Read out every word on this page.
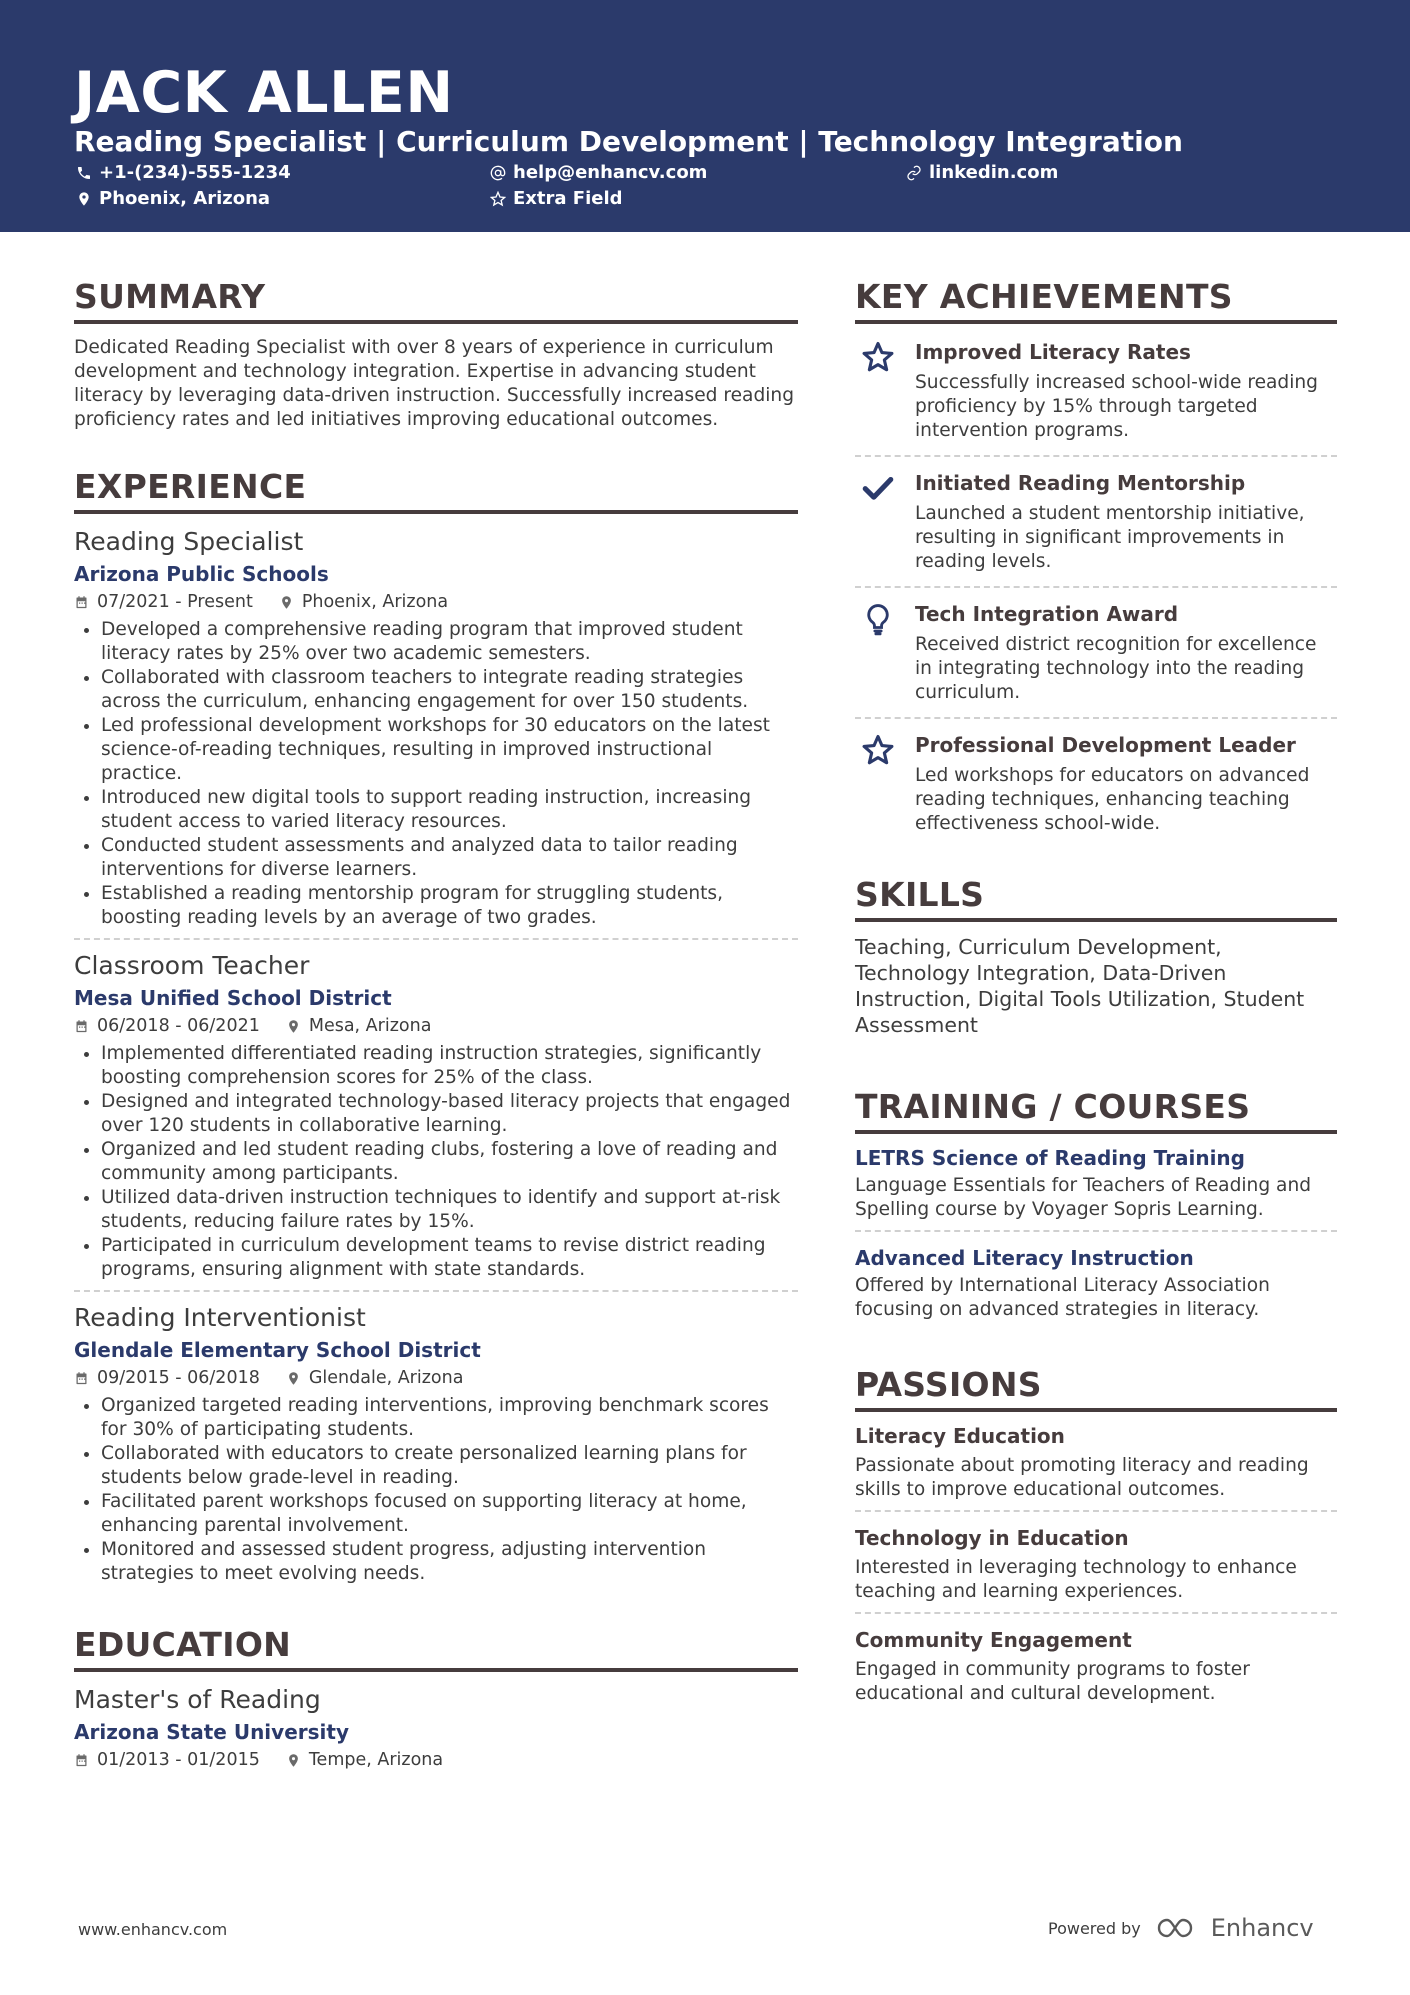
JACK ALLEN
Reading Specialist | Curriculum Development | Technology Integration
+1-(234)-555-1234	help@enhancv.com	linkedin.com
Phoenix, Arizona	Extra Field
SUMMARY
Dedicated Reading Specialist with over 8 years of experience in curriculum development and technology integration. Expertise in advancing student literacy by leveraging data-driven instruction. Successfully increased reading proficiency rates and led initiatives improving educational outcomes.
EXPERIENCE
Reading Specialist
Arizona Public Schools
07/2021 - Present	Phoenix, Arizona
• Developed a comprehensive reading program that improved student literacy rates by 25% over two academic semesters.
• Collaborated with classroom teachers to integrate reading strategies across the curriculum, enhancing engagement for over 150 students.
• Led professional development workshops for 30 educators on the latest science-of-reading techniques, resulting in improved instructional practice.
• Introduced new digital tools to support reading instruction, increasing student access to varied literacy resources.
• Conducted student assessments and analyzed data to tailor reading interventions for diverse learners.
• Established a reading mentorship program for struggling students, boosting reading levels by an average of two grades.
Classroom Teacher
Mesa Unified School District
06/2018 - 06/2021	Mesa, Arizona
• Implemented differentiated reading instruction strategies, significantly boosting comprehension scores for 25% of the class.
• Designed and integrated technology-based literacy projects that engaged over 120 students in collaborative learning.
• Organized and led student reading clubs, fostering a love of reading and community among participants.
• Utilized data-driven instruction techniques to identify and support at-risk students, reducing failure rates by 15%.
• Participated in curriculum development teams to revise district reading programs, ensuring alignment with state standards.
Reading Interventionist
Glendale Elementary School District
09/2015 - 06/2018	Glendale, Arizona
• Organized targeted reading interventions, improving benchmark scores for 30% of participating students.
• Collaborated with educators to create personalized learning plans for students below grade-level in reading.
• Facilitated parent workshops focused on supporting literacy at home, enhancing parental involvement.
• Monitored and assessed student progress, adjusting intervention strategies to meet evolving needs.
EDUCATION
Master's of Reading
Arizona State University
01/2013 - 01/2015	Tempe, Arizona
KEY ACHIEVEMENTS
Improved Literacy Rates
Successfully increased school-wide reading proficiency by 15% through targeted intervention programs.
Initiated Reading Mentorship
Launched a student mentorship initiative, resulting in significant improvements in reading levels.
Tech Integration Award
Received district recognition for excellence in integrating technology into the reading curriculum.
Professional Development Leader
Led workshops for educators on advanced reading techniques, enhancing teaching effectiveness school-wide.
SKILLS
Teaching, Curriculum Development, Technology Integration, Data-Driven Instruction, Digital Tools Utilization, Student Assessment
TRAINING / COURSES
LETRS Science of Reading Training
Language Essentials for Teachers of Reading and Spelling course by Voyager Sopris Learning.
Advanced Literacy Instruction
Offered by International Literacy Association focusing on advanced strategies in literacy.
PASSIONS
Literacy Education
Passionate about promoting literacy and reading skills to improve educational outcomes.
Technology in Education
Interested in leveraging technology to enhance teaching and learning experiences.
Community Engagement
Engaged in community programs to foster educational and cultural development.
www.enhancv.com	Powered by	Enhancv
